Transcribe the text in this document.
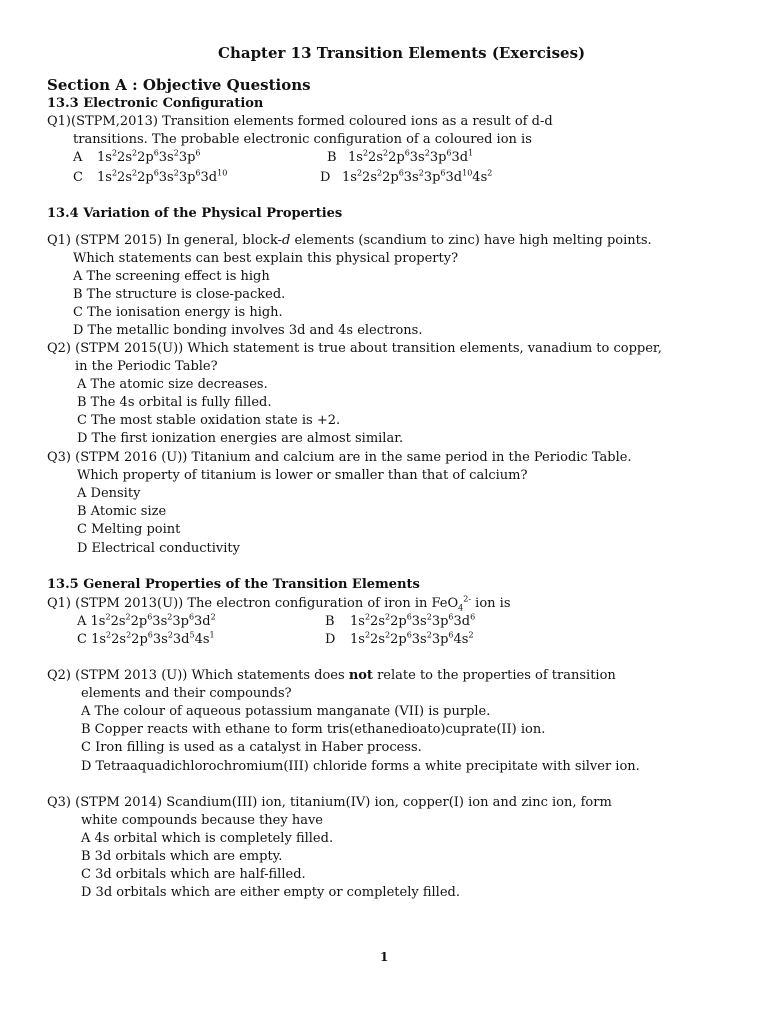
Chapter 13 Transition Elements (Exercises)
Section A : Objective Questions
13.3 Electronic Configuration
Q1)(STPM,2013) Transition elements formed coloured ions as a result of d-d
transitions. The probable electronic configuration of a coloured ion is
A $1s^22s^22p^63s^23p^6$	B $1s^22s^22p^63s^23p^63d^1$
C $1s^22s^22p^63s^23p^63d^{10}$	D $1s^22s^22p^63s^23p^63d^{10}4s^2$
13.4 Variation of the Physical Properties
Q1) (STPM 2015) In general, block-d elements (scandium to zinc) have high melting points.
Which statements can best explain this physical property?
A The screening effect is high
B The structure is close-packed.
C The ionisation energy is high.
D The metallic bonding involves 3d and 4s electrons.
Q2) (STPM 2015(U)) Which statement is true about transition elements, vanadium to copper,
in the Periodic Table?
A The atomic size decreases.
B The 4s orbital is fully filled.
C The most stable oxidation state is +2.
D The first ionization energies are almost similar.
Q3) (STPM 2016 (U)) Titanium and calcium are in the same period in the Periodic Table.
Which property of titanium is lower or smaller than that of calcium?
A Density
B Atomic size
C Melting point
D Electrical conductivity
13.5 General Properties of the Transition Elements
Q1) (STPM 2013(U)) The electron configuration of iron in FeO$_4^{2-}$ ion is
A $1s^22s^22p^63s^23p^63d^2$	B $1s^22s^22p^63s^23p^63d^6$
C $1s^22s^22p^63s^23d^54s^1$	D $1s^22s^22p^63s^23p^64s^2$
Q2) (STPM 2013 (U)) Which statements does not relate to the properties of transition
elements and their compounds?
A The colour of aqueous potassium manganate (VII) is purple.
B Copper reacts with ethane to form tris(ethanedioato)cuprate(II) ion.
C Iron filling is used as a catalyst in Haber process.
D Tetraaquadichlorochromium(III) chloride forms a white precipitate with silver ion.
Q3) (STPM 2014) Scandium(III) ion, titanium(IV) ion, copper(I) ion and zinc ion, form
white compounds because they have
A 4s orbital which is completely filled.
B 3d orbitals which are empty.
C 3d orbitals which are half-filled.
D 3d orbitals which are either empty or completely filled.
1
